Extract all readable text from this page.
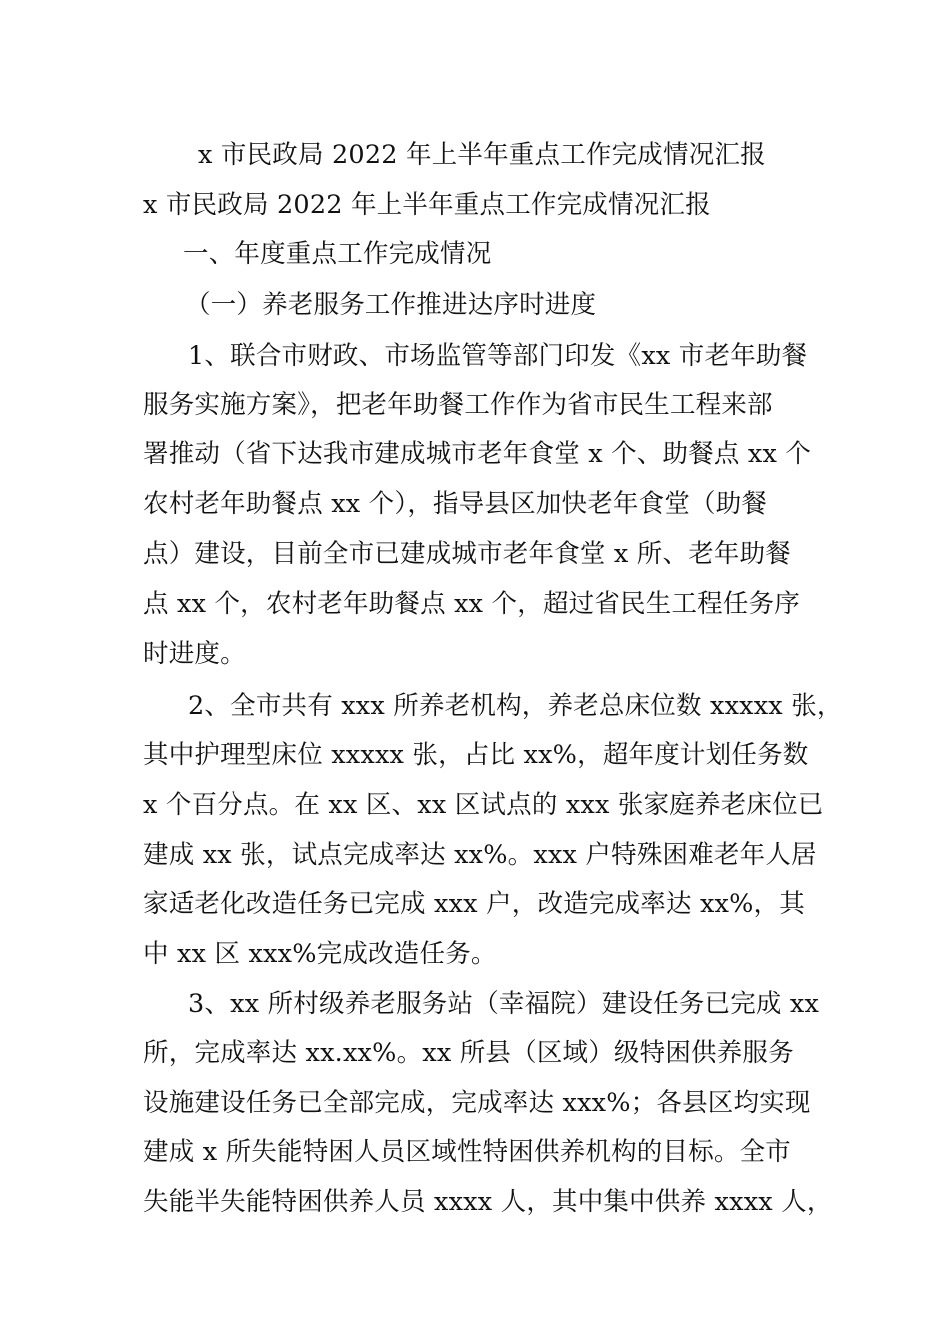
x 市民政局 2022 年上半年重点工作完成情况汇报
x 市民政局 2022 年上半年重点工作完成情况汇报
一、年度重点工作完成情况
（一）养老服务工作推进达序时进度
1、联合市财政、市场监管等部门印发《xx 市老年助餐
服务实施方案》，把老年助餐工作作为省市民生工程来部
署推动（省下达我市建成城市老年食堂 x 个、助餐点 xx 个
农村老年助餐点 xx 个），指导县区加快老年食堂（助餐
点）建设，目前全市已建成城市老年食堂 x 所、老年助餐
点 xx 个，农村老年助餐点 xx 个，超过省民生工程任务序
时进度。
2、全市共有 xxx 所养老机构，养老总床位数 xxxxx 张，
其中护理型床位 xxxxx 张，占比 xx%，超年度计划任务数
x 个百分点。在 xx 区、xx 区试点的 xxx 张家庭养老床位已
建成 xx 张，试点完成率达 xx%。xxx 户特殊困难老年人居
家适老化改造任务已完成 xxx 户，改造完成率达 xx%，其
中 xx 区 xxx%完成改造任务。
3、xx 所村级养老服务站（幸福院）建设任务已完成 xx
所，完成率达 xx.xx%。xx 所县（区域）级特困供养服务
设施建设任务已全部完成，完成率达 xxx%；各县区均实现
建成 x 所失能特困人员区域性特困供养机构的目标。全市
失能半失能特困供养人员 xxxx 人，其中集中供养 xxxx 人，
